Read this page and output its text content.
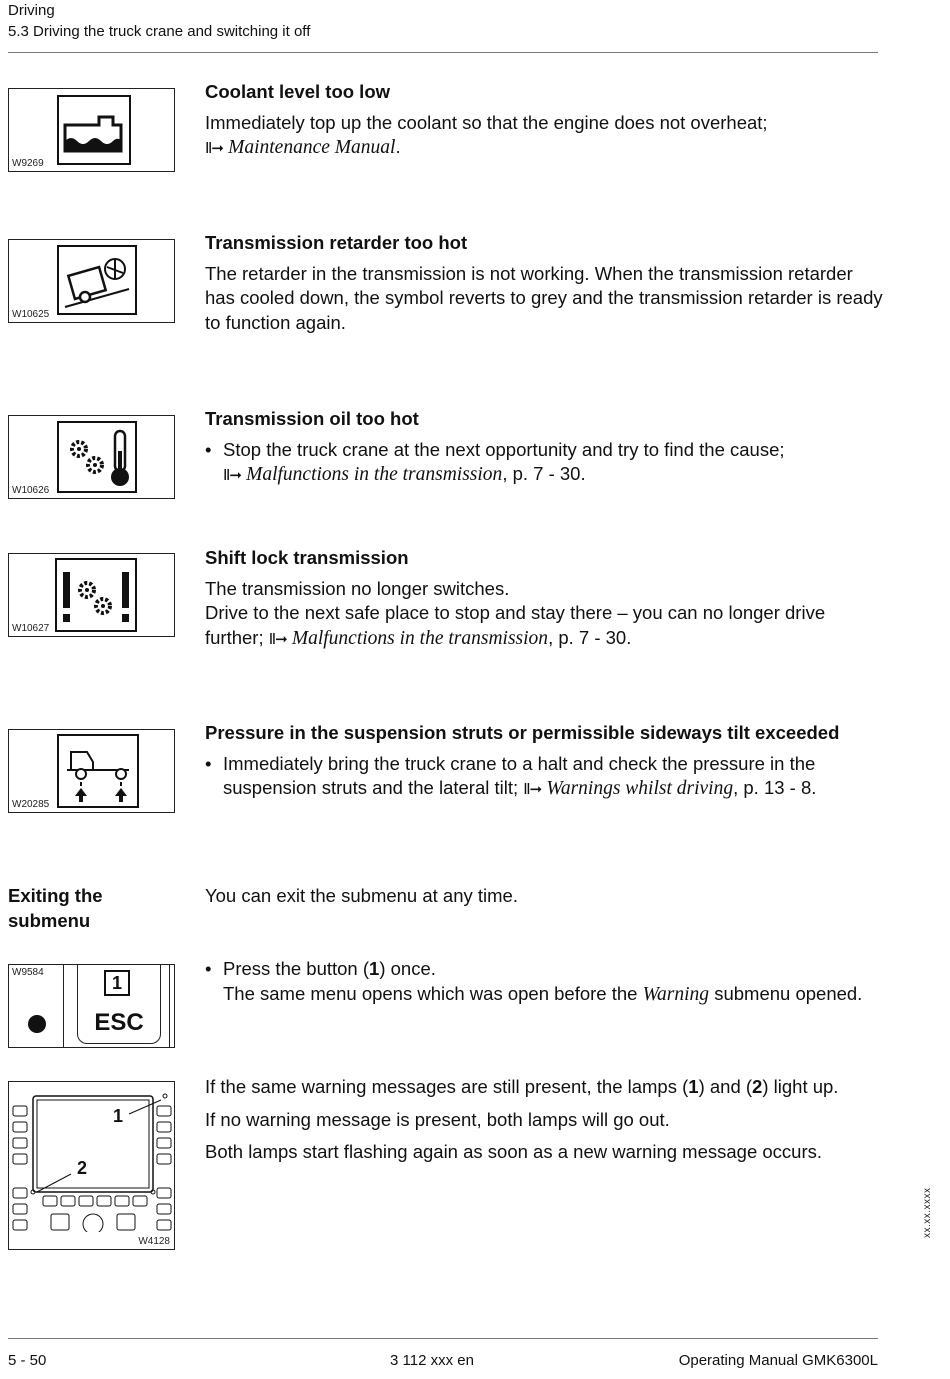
Driving
5.3 Driving the truck crane and switching it off
W9269
Coolant level too low

Immediately top up the coolant so that the engine does not overheat;
Ⅱ➞ Maintenance Manual.

W10625
Transmission retarder too hot

The retarder in the transmission is not working. When the transmission retarder has cooled down, the symbol reverts to grey and the transmission retarder is ready to function again.

W10626
Transmission oil too hot
• Stop the truck crane at the next opportunity and try to find the cause;
Ⅱ➞ Malfunctions in the transmission, p. 7 - 30.
W10627
Shift lock transmission

The transmission no longer switches.
Drive to the next safe place to stop and stay there – you can no longer drive further; Ⅱ➞ Malfunctions in the transmission, p. 7 - 30.

W20285
Pressure in the suspension struts or permissible sideways tilt exceeded
• Immediately bring the truck crane to a halt and check the pressure in the suspension struts and the lateral tilt; Ⅱ➞ Warnings whilst driving, p. 13 - 8.
Exiting the submenu
You can exit the submenu at any time.
W9584
1
ESC
• Press the button (1) once.
The same menu opens which was open before the Warning submenu opened.
1
2
W4128

If the same warning messages are still present, the lamps (1) and (2) light up.

If no warning message is present, both lamps will go out.

Both lamps start flashing again as soon as a new warning message occurs.

xx.xx.xxxx
5 - 50	3 112 xxx en	Operating Manual GMK6300L
